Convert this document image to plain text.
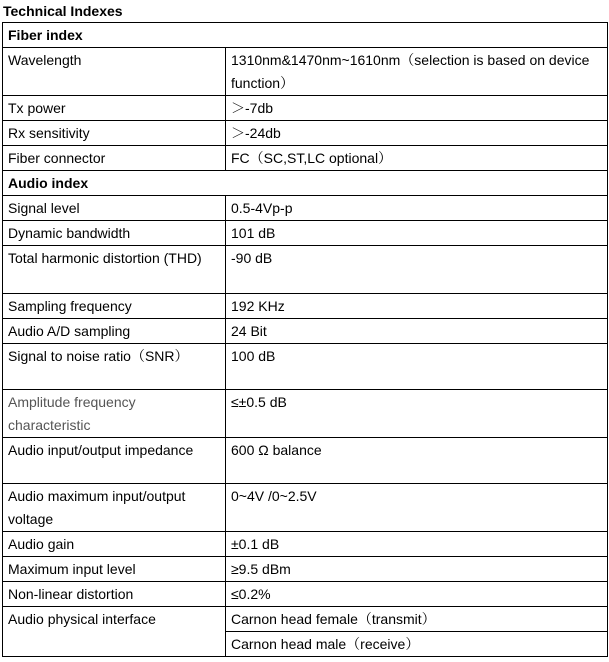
Technical Indexes
Fiber index	
Wavelength	1310nm&1470nm~1610nm（selection is based on device function）
Tx power	＞-7db
Rx sensitivity	＞-24db
Fiber connector	FC（SC,ST,LC optional）
Audio index	
Signal level	0.5-4Vp-p
Dynamic bandwidth	101 dB
Total harmonic distortion (THD)	-90 dB
Sampling frequency	192 KHz
Audio A/D sampling	24 Bit
Signal to noise ratio（SNR）	100 dB
Amplitude frequency characteristic	≤±0.5 dB
Audio input/output impedance	600 Ω balance
Audio maximum input/output voltage	0~4V /0~2.5V
Audio gain	±0.1 dB
Maximum input level	≥9.5 dBm
Non-linear distortion	≤0.2%
Audio physical interface	Carnon head female（transmit）
	Carnon head male（receive）
